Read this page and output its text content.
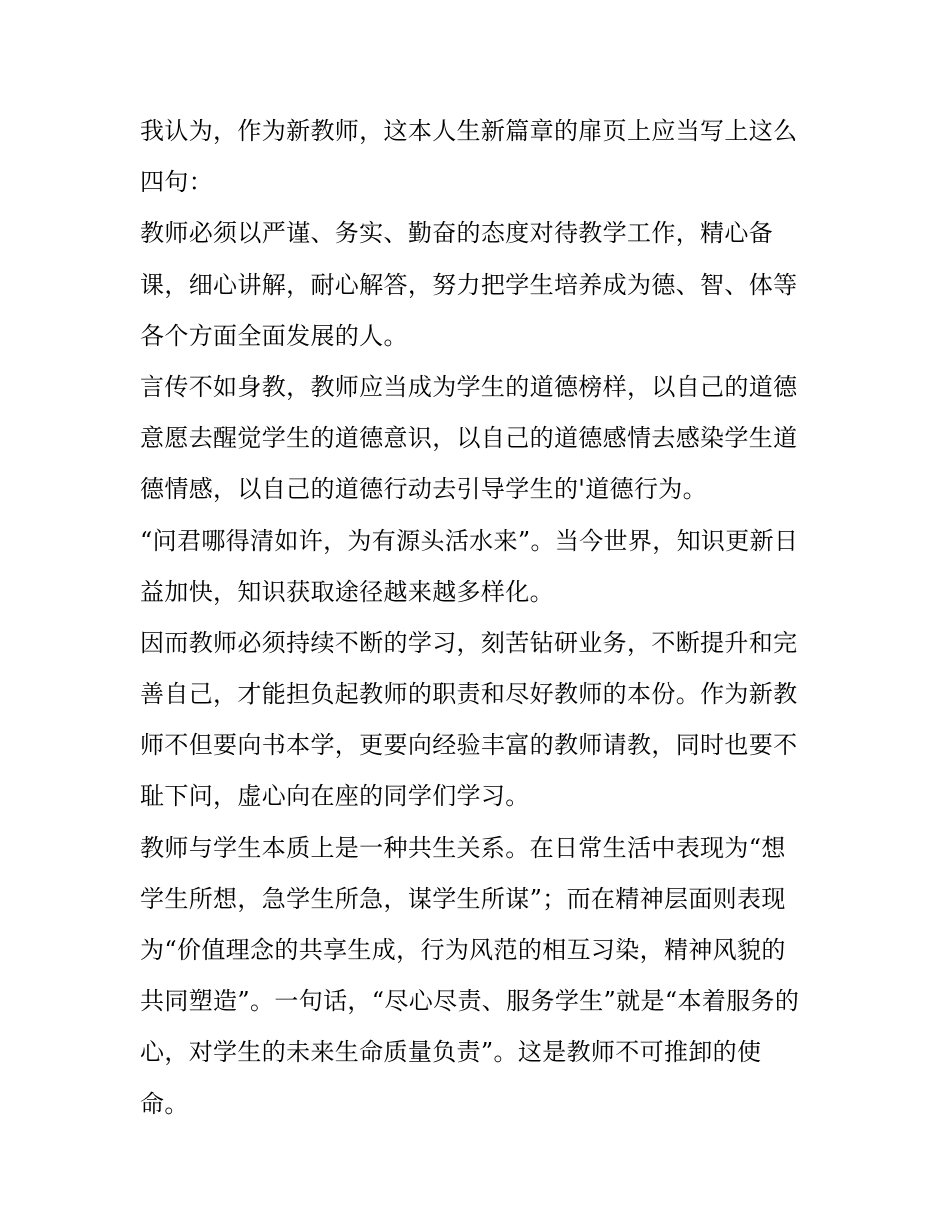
我认为，作为新教师，这本人生新篇章的扉页上应当写上这么
四句：
教师必须以严谨、务实、勤奋的态度对待教学工作，精心备
课，细心讲解，耐心解答，努力把学生培养成为德、智、体等
各个方面全面发展的人。
言传不如身教，教师应当成为学生的道德榜样，以自己的道德
意愿去醒觉学生的道德意识，以自己的道德感情去感染学生道
德情感，以自己的道德行动去引导学生的'道德行为。
“问君哪得清如许，为有源头活水来”。当今世界，知识更新日
益加快，知识获取途径越来越多样化。
因而教师必须持续不断的学习，刻苦钻研业务，不断提升和完
善自己，才能担负起教师的职责和尽好教师的本份。作为新教
师不但要向书本学，更要向经验丰富的教师请教，同时也要不
耻下问，虚心向在座的同学们学习。
教师与学生本质上是一种共生关系。在日常生活中表现为“想
学生所想，急学生所急，谋学生所谋”；而在精神层面则表现
为“价值理念的共享生成，行为风范的相互习染，精神风貌的
共同塑造”。一句话，“尽心尽责、服务学生”就是“本着服务的
心，对学生的未来生命质量负责”。这是教师不可推卸的使
命。
